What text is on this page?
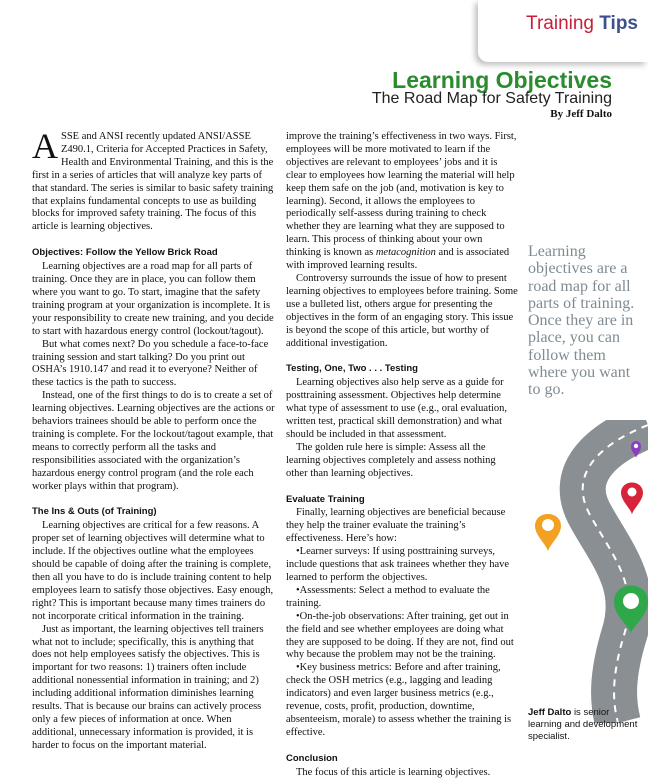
Training Tips
Learning Objectives
The Road Map for Safety Training
By Jeff Dalto

ASSE and ANSI recently updated ANSI/ASSE Z490.1, Criteria for Accepted Practices in Safety, Health and Environmental Training, and this is the first in a series of articles that will analyze key parts of that standard. The series is similar to basic safety training that explains fundamental concepts to use as building blocks for improved safety training. The focus of this article is learning objectives.

Objectives: Follow the Yellow Brick Road

Learning objectives are a road map for all parts of training. Once they are in place, you can follow them where you want to go. To start, imagine that the safety training program at your organization is incomplete. It is your responsibility to create new training, and you decide to start with hazardous energy control (lockout/tagout).

But what comes next? Do you schedule a face-to-face training session and start talking? Do you print out OSHA’s 1910.147 and read it to everyone? Neither of these tactics is the path to success.

Instead, one of the first things to do is to create a set of learning objectives. Learning objectives are the actions or behaviors trainees should be able to perform once the training is complete. For the lockout/tagout example, that means to correctly perform all the tasks and responsibilities associated with the organization’s hazardous energy control program (and the role each worker plays within that program).

The Ins & Outs (of Training)

Learning objectives are critical for a few reasons. A proper set of learning objectives will determine what to include. If the objectives outline what the employees should be capable of doing after the training is complete, then all you have to do is include training content to help employees learn to satisfy those objectives. Easy enough, right? This is important because many times trainers do not incorporate critical information in the training.

Just as important, the learning objectives tell trainers what not to include; specifically, this is anything that does not help employees satisfy the objectives. This is important for two reasons: 1) trainers often include additional nonessential information in training; and 2) including additional information diminishes learning results. That is because our brains can actively process only a few pieces of information at once. When additional, unnecessary information is provided, it is harder to focus on the important material.

improve the training’s effectiveness in two ways. First, employees will be more motivated to learn if the objectives are relevant to employees’ jobs and it is clear to employees how learning the material will help keep them safe on the job (and, motivation is key to learning). Second, it allows the employees to periodically self-assess during training to check whether they are learning what they are supposed to learn. This process of thinking about your own thinking is known as metacognition and is associated with improved learning results.

Controversy surrounds the issue of how to present learning objectives to employees before training. Some use a bulleted list, others argue for presenting the objectives in the form of an engaging story. This issue is beyond the scope of this article, but worthy of additional investigation.

Testing, One, Two . . . Testing

Learning objectives also help serve as a guide for posttraining assessment. Objectives help determine what type of assessment to use (e.g., oral evaluation, written test, practical skill demonstration) and what should be included in that assessment.

The golden rule here is simple: Assess all the learning objectives completely and assess nothing other than learning objectives.

Evaluate Training

Finally, learning objectives are beneficial because they help the trainer evaluate the training’s effectiveness. Here’s how:

•Learner surveys: If using posttraining surveys, include questions that ask trainees whether they have learned to perform the objectives.

•Assessments: Select a method to evaluate the training.

•On-the-job observations: After training, get out in the field and see whether employees are doing what they are supposed to be doing. If they are not, find out why because the problem may not be the training.

•Key business metrics: Before and after training, check the OSH metrics (e.g., lagging and leading indicators) and even larger business metrics (e.g., revenue, costs, profit, production, downtime, absenteeism, morale) to assess whether the training is effective.

Conclusion

The focus of this article is learning objectives.

Learning objectives are a road map for all parts of training. Once they are in place, you can follow them where you want to go.
Jeff Dalto is senior learning and development specialist.
